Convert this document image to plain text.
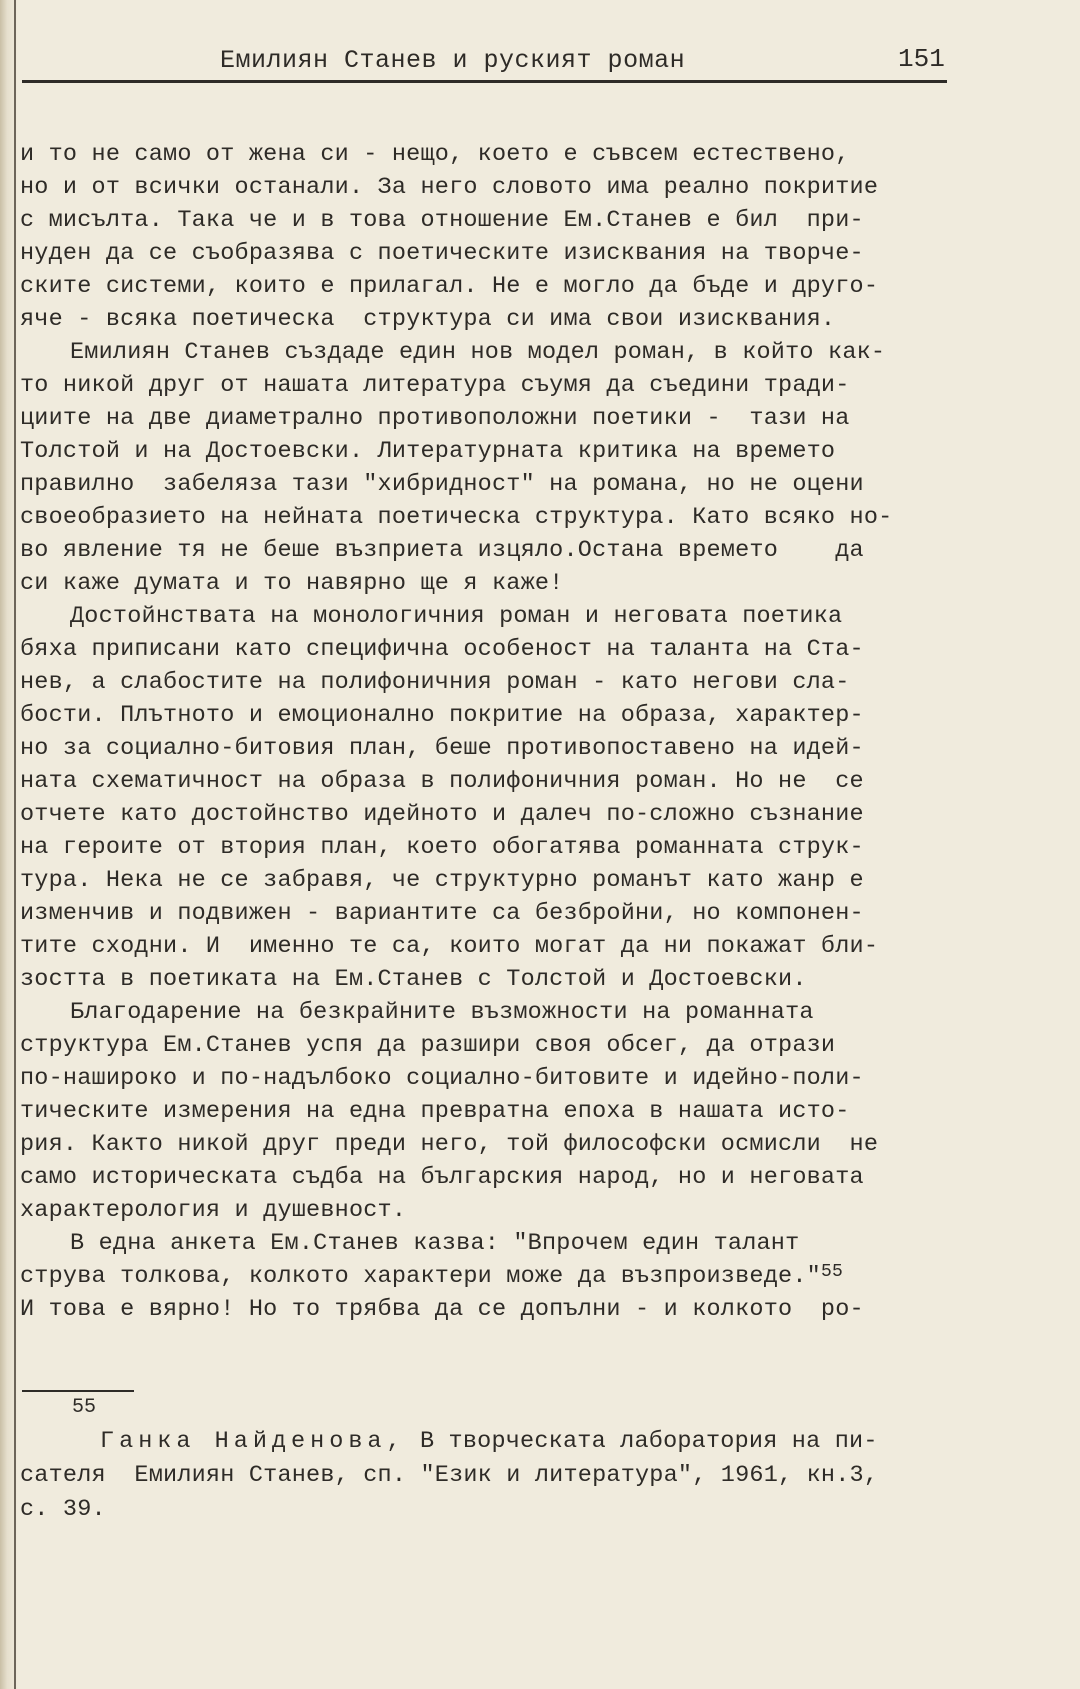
Емилиян Станев и руският роман	151
и то не само от жена си - нещо, което е съвсем естествено,
но и от всички останали. За него словото има реално покритие
с мисълта. Така че и в това отношение Ем.Станев е бил  при-
нуден да се съобразява с поетическите изисквания на творче-
ските системи, които е прилагал. Не е могло да бъде и друго-
яче - всяка поетическа  структура си има свои изисквания.
Емилиян Станев създаде един нов модел роман, в който как-
то никой друг от нашата литература съумя да съедини тради-
циите на две диаметрално противоположни поетики -  тази на
Толстой и на Достоевски. Литературната критика на времето
правилно  забеляза тази "хибридност" на романа, но не оцени
своеобразието на нейната поетическа структура. Като всяко но-
во явление тя не беше възприета изцяло.Остана времето    да
си каже думата и то навярно ще я каже!
Достойнствата на монологичния роман и неговата поетика
бяха приписани като специфична особеност на таланта на Ста-
нев, а слабостите на полифоничния роман - като негови сла-
бости. Плътното и емоционално покритие на образа, характер-
но за социално-битовия план, беше противопоставено на идей-
ната схематичност на образа в полифоничния роман. Но не  се
отчете като достойнство идейното и далеч по-сложно съзнание
на героите от втория план, което обогатява романната струк-
тура. Нека не се забравя, че структурно романът като жанр е
изменчив и подвижен - вариантите са безбройни, но компонен-
тите сходни. И  именно те са, които могат да ни покажат бли-
зостта в поетиката на Ем.Станев с Толстой и Достоевски.
Благодарение на безкрайните възможности на романната
структура Ем.Станев успя да разшири своя обсег, да отрази
по-нашироко и по-надълбоко социално-битовите и идейно-поли-
тическите измерения на една превратна епоха в нашата исто-
рия. Както никой друг преди него, той философски осмисли  не
само историческата съдба на българския народ, но и неговата
характерология и душевност.
В една анкета Ем.Станев казва: "Впрочем един талант
струва толкова, колкото характери може да възпроизведе."$^{55}$
И това е вярно! Но то трябва да се допълни - и колкото  ро-
55
Ганка Найденова, В творческата лаборатория на пи-
сателя  Емилиян Станев, сп. "Език и литература", 1961, кн.3,
с. 39.
